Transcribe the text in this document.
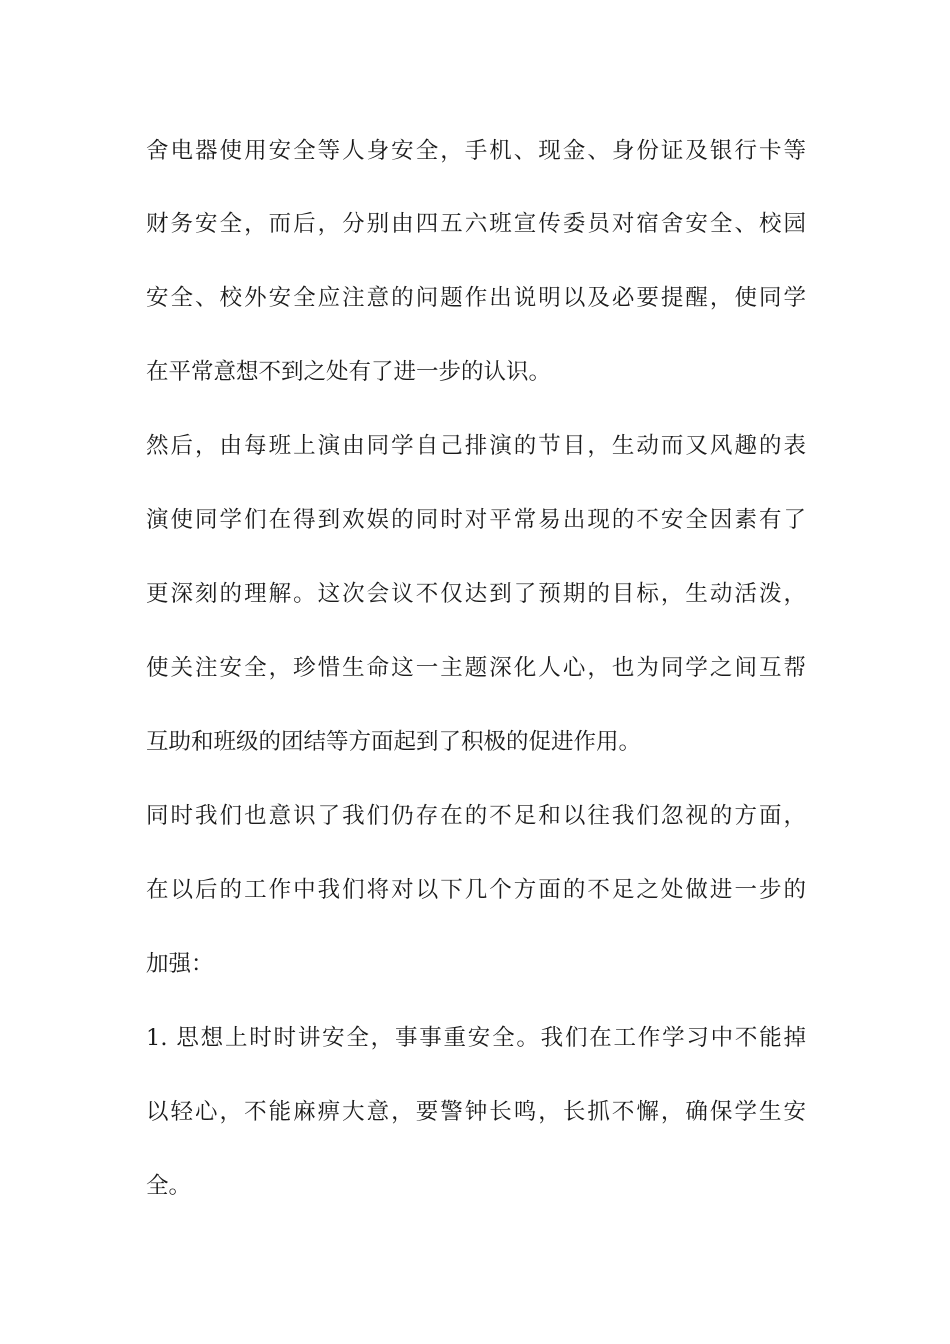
舍电器使用安全等人身安全，手机、现金、身份证及银行卡等
财务安全，而后，分别由四五六班宣传委员对宿舍安全、校园
安全、校外安全应注意的问题作出说明以及必要提醒，使同学
在平常意想不到之处有了进一步的认识。
然后，由每班上演由同学自己排演的节目，生动而又风趣的表
演使同学们在得到欢娱的同时对平常易出现的不安全因素有了
更深刻的理解。这次会议不仅达到了预期的目标，生动活泼，
使关注安全，珍惜生命这一主题深化人心，也为同学之间互帮
互助和班级的团结等方面起到了积极的促进作用。
同时我们也意识了我们仍存在的不足和以往我们忽视的方面，
在以后的工作中我们将对以下几个方面的不足之处做进一步的
加强：
1. 思想上时时讲安全，事事重安全。我们在工作学习中不能掉
以轻心，不能麻痹大意，要警钟长鸣，长抓不懈，确保学生安
全。
